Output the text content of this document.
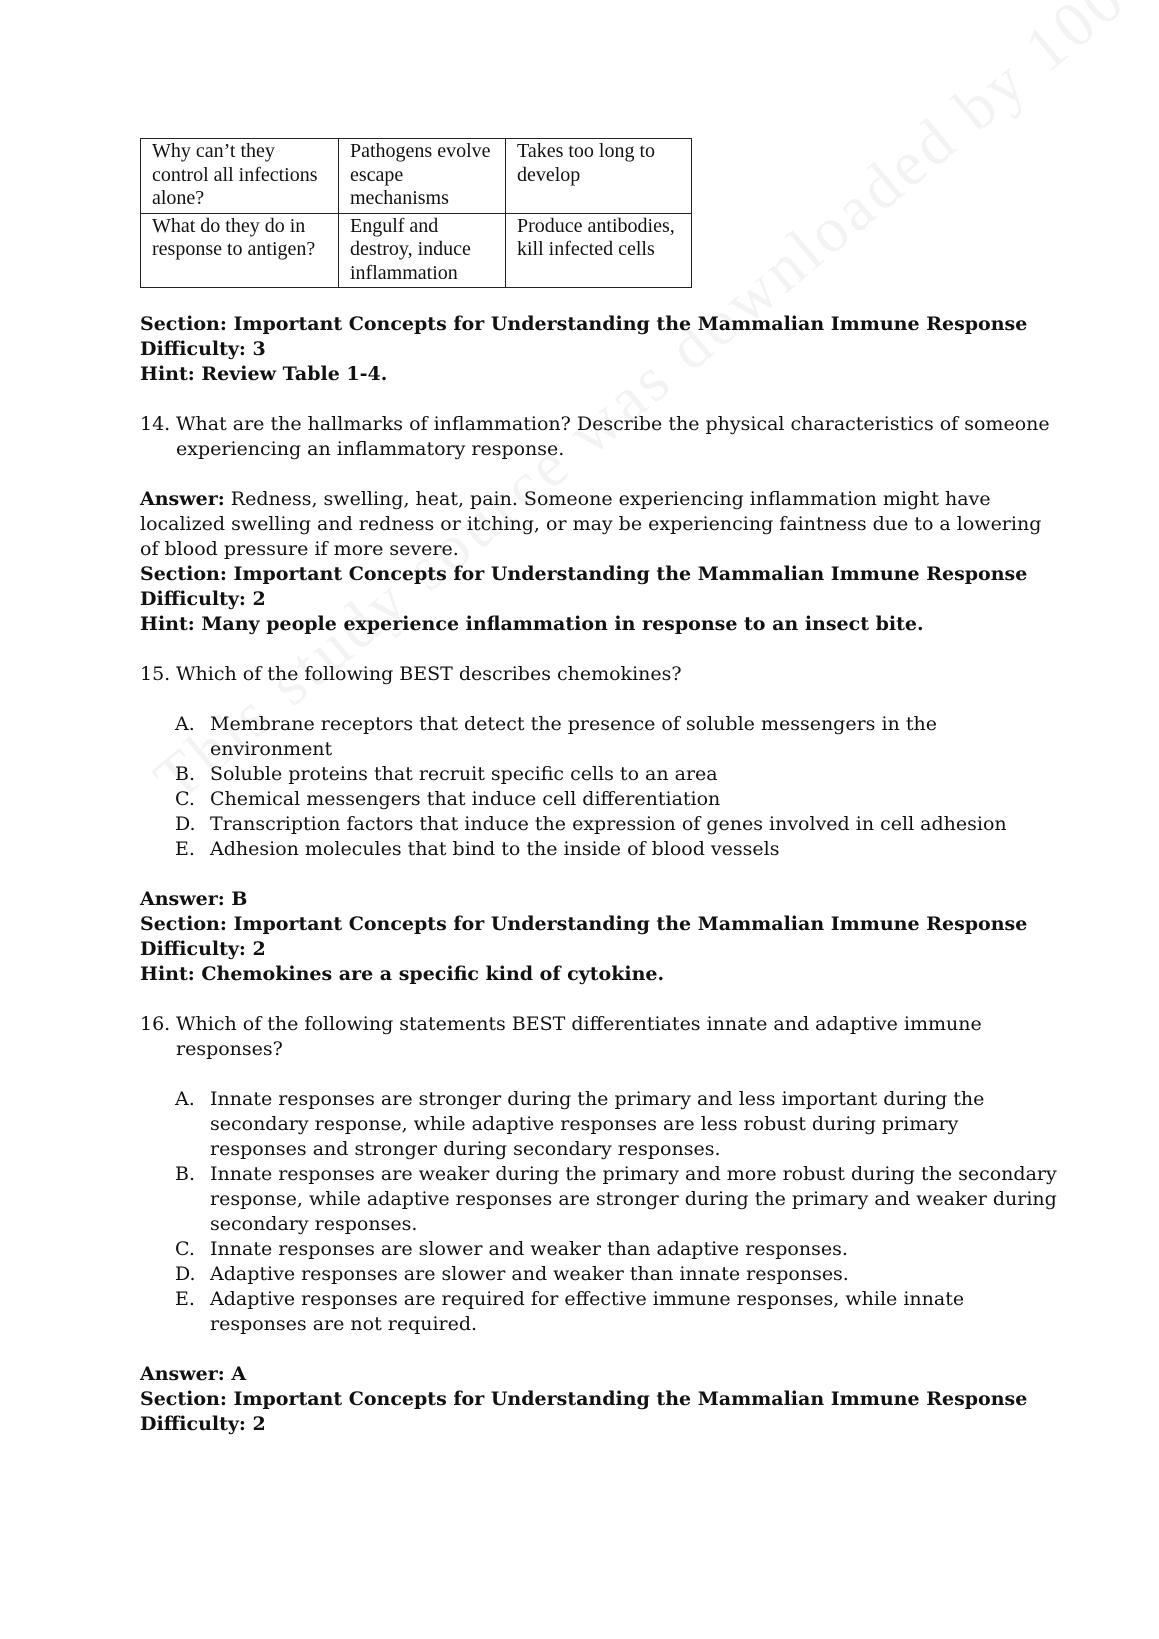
Why can’t they control all infections alone?	Pathogens evolve escape mechanisms	Takes too long to develop
What do they do in response to antigen?	Engulf and destroy, induce inflammation	Produce antibodies, kill infected cells
Section: Important Concepts for Understanding the Mammalian Immune Response
Difficulty: 3
Hint: Review Table 1-4.
14. What are the hallmarks of inflammation? Describe the physical characteristics of someone experiencing an inflammatory response.
Answer: Redness, swelling, heat, pain. Someone experiencing inflammation might have localized swelling and redness or itching, or may be experiencing faintness due to a lowering of blood pressure if more severe.
Section: Important Concepts for Understanding the Mammalian Immune Response
Difficulty: 2
Hint: Many people experience inflammation in response to an insect bite.
15. Which of the following BEST describes chemokines?
A. Membrane receptors that detect the presence of soluble messengers in the environment
B. Soluble proteins that recruit specific cells to an area
C. Chemical messengers that induce cell differentiation
D. Transcription factors that induce the expression of genes involved in cell adhesion
E. Adhesion molecules that bind to the inside of blood vessels
Answer: B
Section: Important Concepts for Understanding the Mammalian Immune Response
Difficulty: 2
Hint: Chemokines are a specific kind of cytokine.
16. Which of the following statements BEST differentiates innate and adaptive immune responses?
A. Innate responses are stronger during the primary and less important during the secondary response, while adaptive responses are less robust during primary responses and stronger during secondary responses.
B. Innate responses are weaker during the primary and more robust during the secondary response, while adaptive responses are stronger during the primary and weaker during secondary responses.
C. Innate responses are slower and weaker than adaptive responses.
D. Adaptive responses are slower and weaker than innate responses.
E. Adaptive responses are required for effective immune responses, while innate responses are not required.
Answer: A
Section: Important Concepts for Understanding the Mammalian Immune Response
Difficulty: 2
